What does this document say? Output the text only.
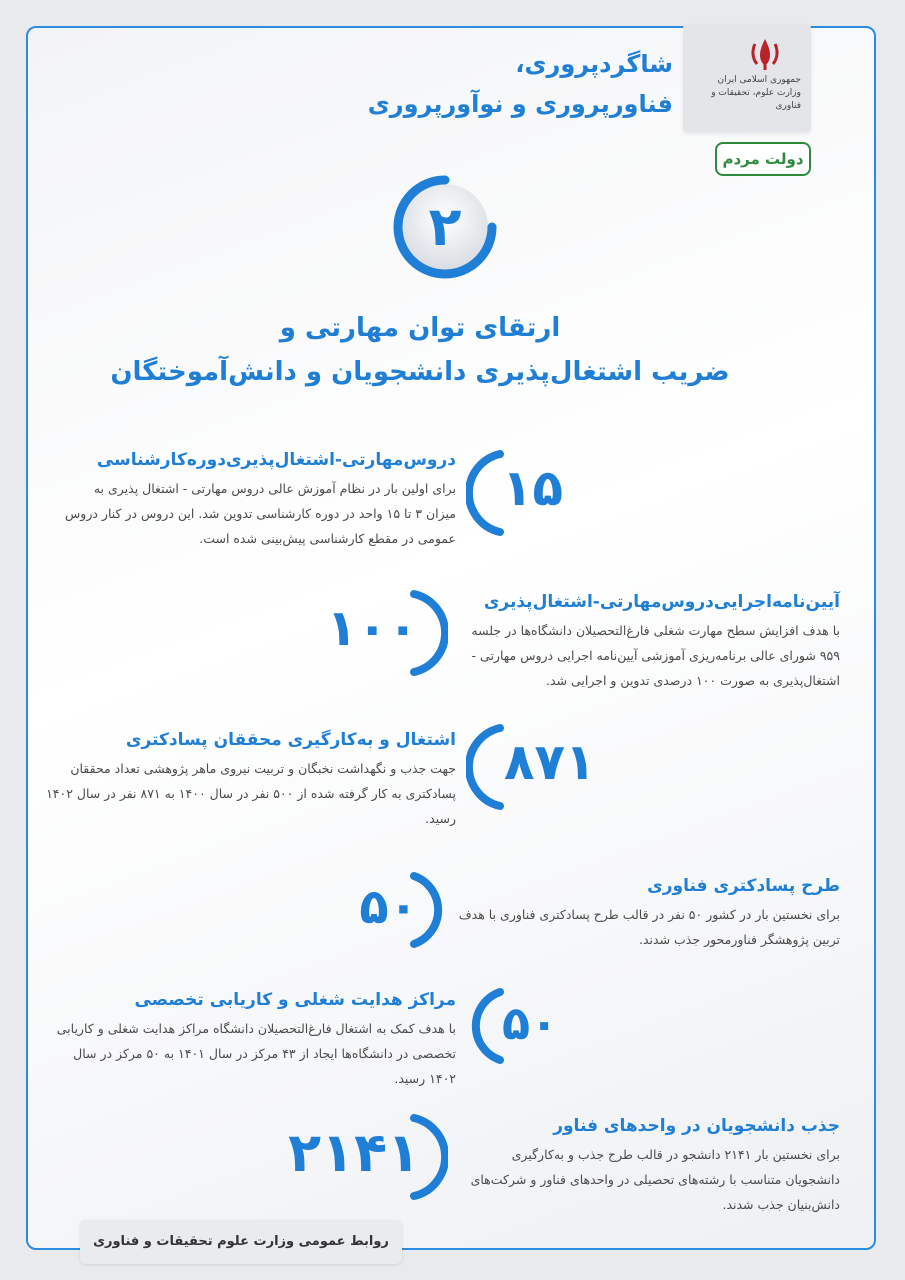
شاگردپروری،
فناورپروری و نوآورپروری
جمهوری اسلامی ایران
وزارت علوم، تحقیقات و فناوری
دولت مردم
۲
ارتقای توان مهارتی و
ضریب اشتغال‌پذیری دانشجویان و دانش‌آموختگان
دروس‌مهارتی-اشتغال‌پذیری‌دوره‌کارشناسی
برای اولین بار در نظام آموزش عالی دروس مهارتی - اشتغال پذیری به میزان ۳ تا ۱۵ واحد در دوره کارشناسی تدوین شد. این دروس در کنار دروس عمومی در مقطع کارشناسی پیش‌بینی شده است.
۱۵
۱۰۰	آیین‌نامه‌اجرایی‌دروس‌مهارتی-اشتغال‌پذیری
با هدف افزایش سطح مهارت شغلی فارغ‌التحصیلان دانشگاه‌ها در جلسه ۹۵۹ شورای عالی برنامه‌ریزی آموزشی آیین‌نامه اجرایی دروس مهارتی - اشتغال‌پذیری به صورت ۱۰۰ درصدی تدوین و اجرایی شد.
اشتغال و به‌کارگیری محققان پسادکتری
جهت جذب و نگهداشت نخبگان و تربیت نیروی ماهر پژوهشی تعداد محققان پسادکتری به کار گرفته شده از ۵۰۰ نفر در سال ۱۴۰۰ به ۸۷۱ نفر در سال ۱۴۰۲ رسید.
۸۷۱
۵۰	طرح پسادکتری فناوری
برای نخستین بار در کشور ۵۰ نفر در قالب طرح پسادکتری فناوری با هدف تربین پژوهشگر فناورمحور جذب شدند.
مراکز هدایت شغلی و کاریابی تخصصی
با هدف کمک به اشتغال فارغ‌التحصیلان دانشگاه مراکز هدایت شغلی و کاریابی تخصصی در دانشگاه‌ها ایجاد از ۴۳ مرکز در سال ۱۴۰۱ به ۵۰ مرکز در سال ۱۴۰۲ رسید.
۵۰
۲۱۴۱	جذب دانشجویان در واحدهای فناور
برای نخستین بار ۲۱۴۱ دانشجو در قالب طرح جذب و به‌کارگیری دانشجویان متناسب با رشته‌های تحصیلی در واحدهای فناور و شرکت‌های دانش‌بنیان جذب شدند.
روابط عمومی وزارت علوم تحقیقات و فناوری
